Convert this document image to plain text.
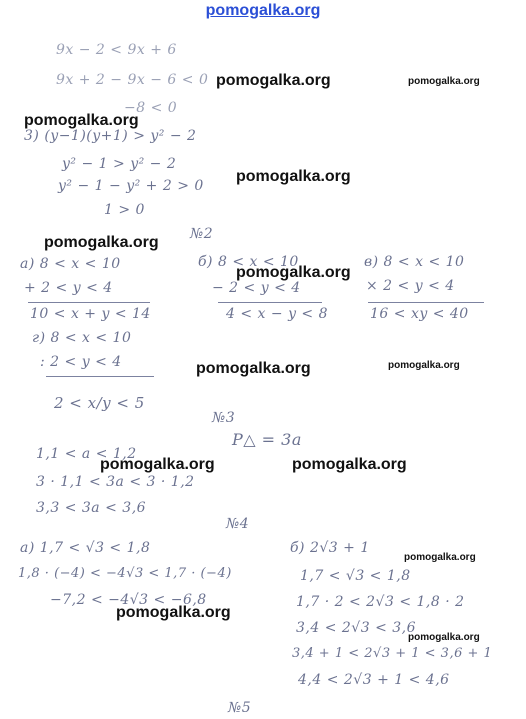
pomogalka.org
9x − 2 < 9x + 6
9x + 2 − 9x − 6 < 0
−8 < 0
3) (y−1)(y+1) > y² − 2
y² − 1 > y² − 2
y² − 1 − y² + 2 > 0
1 > 0
№2
а) 8 < x < 10
+ 2 < y < 4
10 < x + y < 14
б) 8 < x < 10
− 2 < y < 4
4 < x − y < 8
в) 8 < x < 10
× 2 < y < 4
16 < xy < 40
г) 8 < x < 10
: 2 < y < 4
2 < x/y < 5
№3
P△ = 3a
1,1 < a < 1,2
3 · 1,1 < 3a < 3 · 1,2
3,3 < 3a < 3,6
№4
а) 1,7 < √3 < 1,8
1,8 · (−4) < −4√3 < 1,7 · (−4)
−7,2 < −4√3 < −6,8
б) 2√3 + 1
1,7 < √3 < 1,8
1,7 · 2 < 2√3 < 1,8 · 2
3,4 < 2√3 < 3,6
3,4 + 1 < 2√3 + 1 < 3,6 + 1
4,4 < 2√3 + 1 < 4,6
№5
pomogalka.org	pomogalka.org
pomogalka.org
pomogalka.org
pomogalka.org
pomogalka.org
pomogalka.org	pomogalka.org
pomogalka.org	pomogalka.org
pomogalka.org
pomogalka.org
pomogalka.org
